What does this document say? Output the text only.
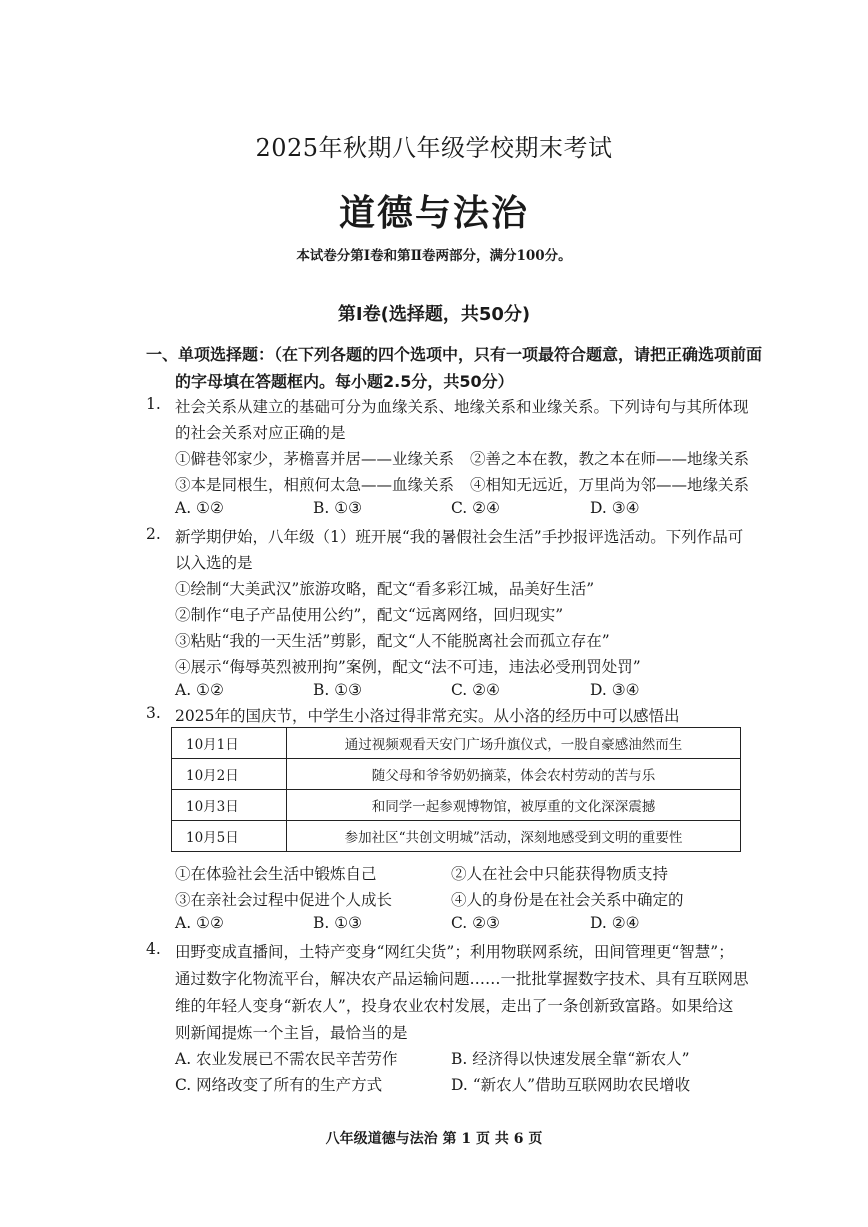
2025年秋期八年级学校期末考试
道德与法治
本试卷分第Ⅰ卷和第Ⅱ卷两部分，满分100分。
第Ⅰ卷(选择题，共50分)
一、单项选择题：（在下列各题的四个选项中，只有一项最符合题意，请把正确选项前面
的字母填在答题框内。每小题2.5分，共50分）
1. 社会关系从建立的基础可分为血缘关系、地缘关系和业缘关系。下列诗句与其所体现
的社会关系对应正确的是
①僻巷邻家少，茅檐喜并居——业缘关系 ②善之本在教，教之本在师——地缘关系
③本是同根生，相煎何太急——血缘关系 ④相知无远近，万里尚为邻——地缘关系
A. ①②	B. ①③	C. ②④	D. ③④
2. 新学期伊始，八年级（1）班开展“我的暑假社会生活”手抄报评选活动。下列作品可
以入选的是
①绘制“大美武汉”旅游攻略，配文“看多彩江城，品美好生活”
②制作“电子产品使用公约”，配文“远离网络，回归现实”
③粘贴“我的一天生活”剪影，配文“人不能脱离社会而孤立存在”
④展示“侮辱英烈被刑拘”案例，配文“法不可违，违法必受刑罚处罚”
A. ①②	B. ①③	C. ②④	D. ③④
3. 2025年的国庆节，中学生小洛过得非常充实。从小洛的经历中可以感悟出
10月1日	通过视频观看天安门广场升旗仪式，一股自豪感油然而生
10月2日	随父母和爷爷奶奶摘菜，体会农村劳动的苦与乐
10月3日	和同学一起参观博物馆，被厚重的文化深深震撼
10月5日	参加社区“共创文明城”活动，深刻地感受到文明的重要性
①在体验社会生活中锻炼自己	②人在社会中只能获得物质支持
③在亲社会过程中促进个人成长	④人的身份是在社会关系中确定的
A. ①②	B. ①③	C. ②③	D. ②④
4. 田野变成直播间，土特产变身“网红尖货”；利用物联网系统，田间管理更“智慧”；
通过数字化物流平台，解决农产品运输问题……一批批掌握数字技术、具有互联网思
维的年轻人变身“新农人”，投身农业农村发展，走出了一条创新致富路。如果给这
则新闻提炼一个主旨，最恰当的是
A. 农业发展已不需农民辛苦劳作	B. 经济得以快速发展全靠“新农人”
C. 网络改变了所有的生产方式	D. “新农人”借助互联网助农民增收
八年级道德与法治 第 1 页 共 6 页
